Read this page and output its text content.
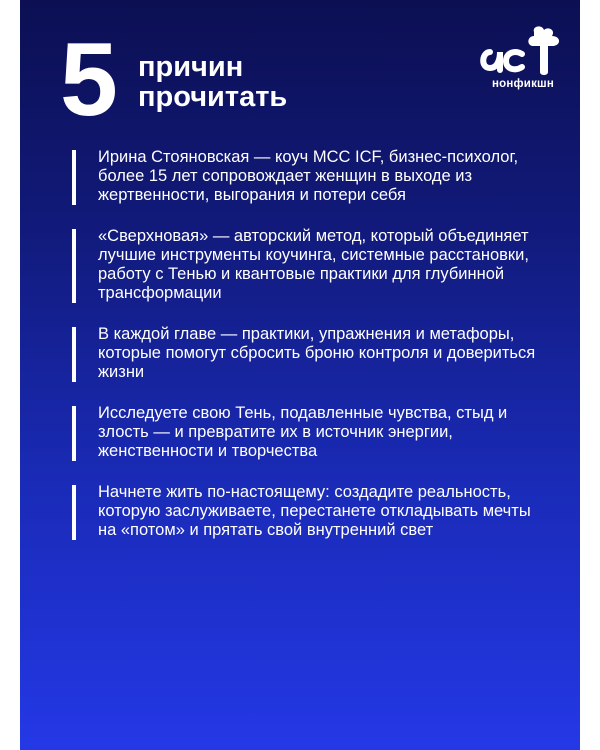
5 причин
прочитать	нонфикшн
Ирина Стояновская — коуч MCC ICF, бизнес-психолог, более 15 лет сопровождает женщин в выходе из жертвенности, выгорания и потери себя
«Сверхновая» — авторский метод, который объединяет лучшие инструменты коучинга, системные расстановки, работу с Тенью и квантовые практики для глубинной трансформации
В каждой главе — практики, упражнения и метафоры, которые помогут сбросить броню контроля и довериться жизни
Исследуете свою Тень, подавленные чувства, стыд и злость — и превратите их в источник энергии, женственности и творчества
Начнете жить по-настоящему: создадите реальность, которую заслуживаете, перестанете откладывать мечты на «потом» и прятать свой внутренний свет
